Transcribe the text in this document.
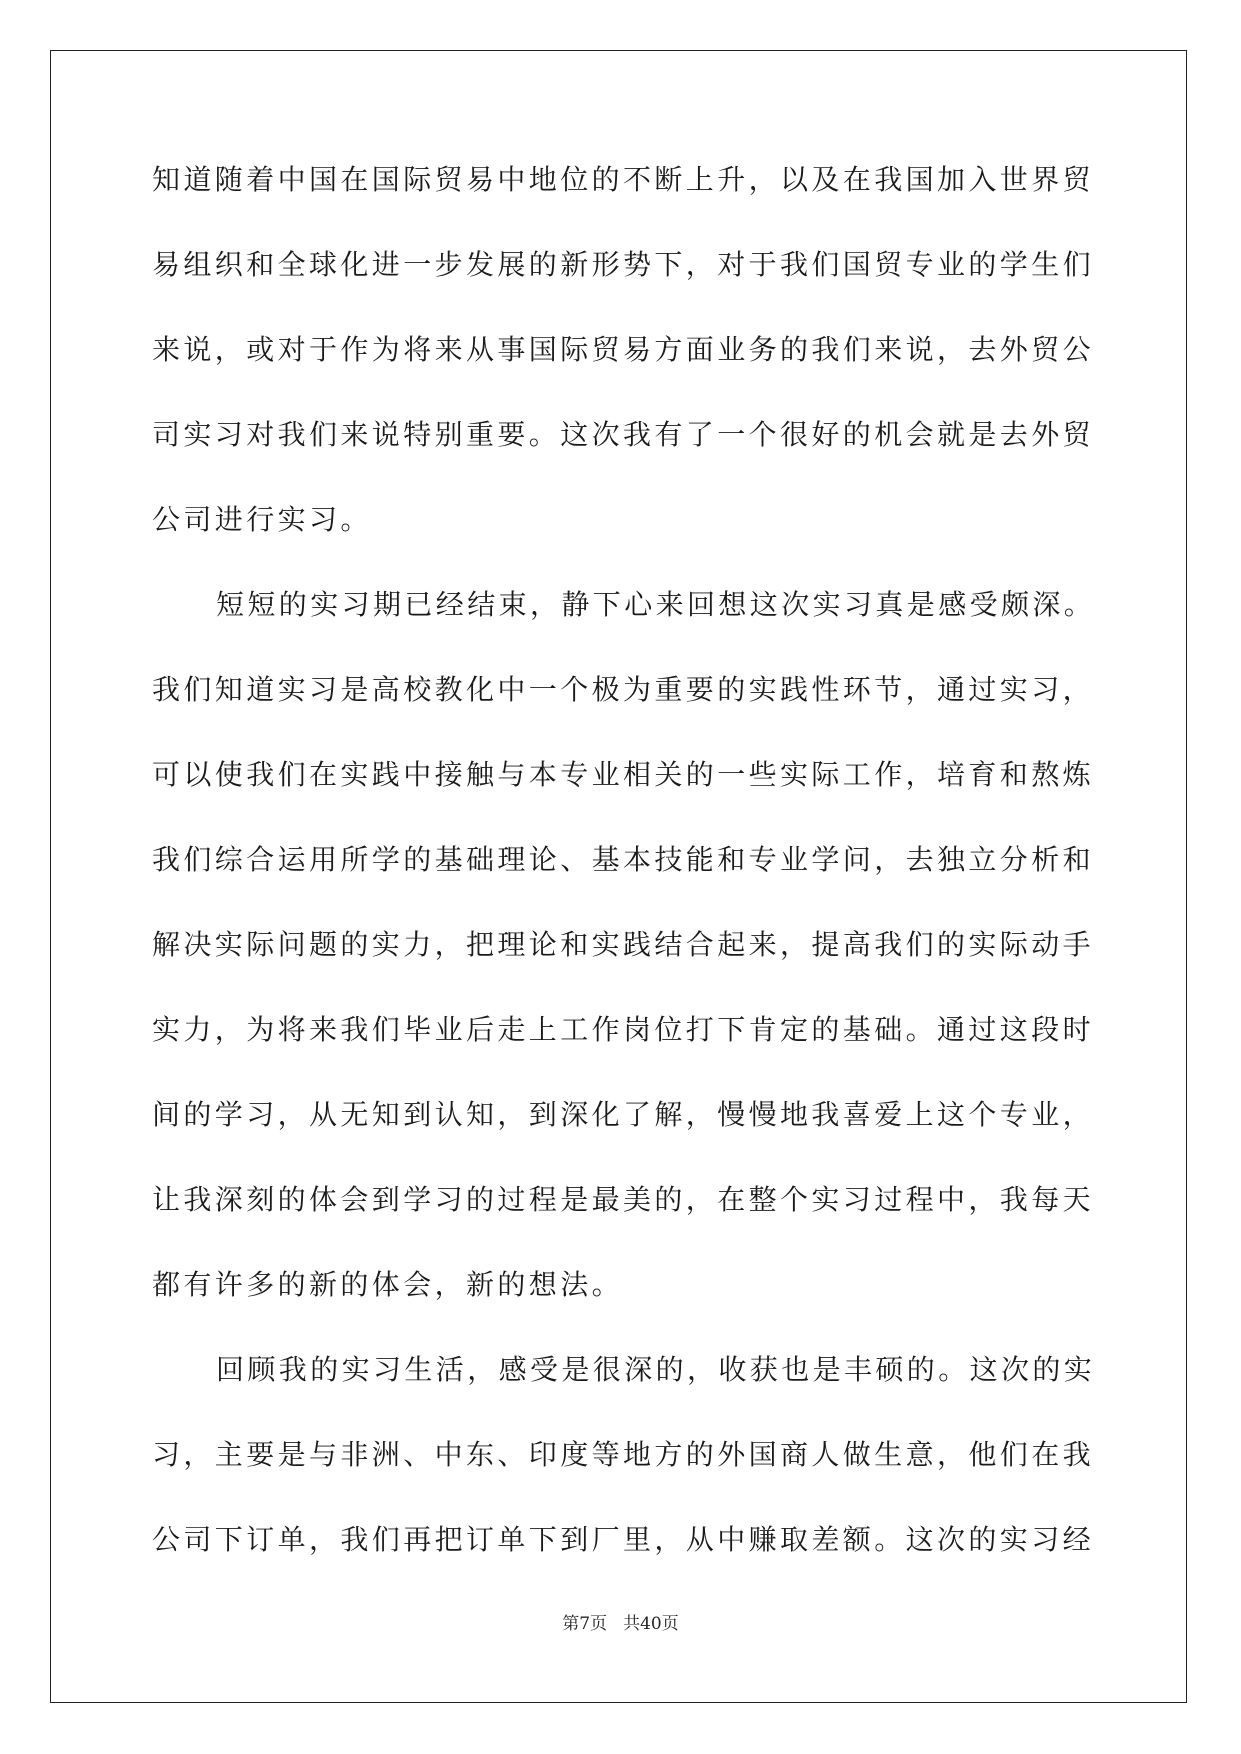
知道随着中国在国际贸易中地位的不断上升，以及在我国加入世界贸
易组织和全球化进一步发展的新形势下，对于我们国贸专业的学生们
来说，或对于作为将来从事国际贸易方面业务的我们来说，去外贸公
司实习对我们来说特别重要。这次我有了一个很好的机会就是去外贸
公司进行实习。
短短的实习期已经结束，静下心来回想这次实习真是感受颇深。
我们知道实习是高校教化中一个极为重要的实践性环节，通过实习，
可以使我们在实践中接触与本专业相关的一些实际工作，培育和熬炼
我们综合运用所学的基础理论、基本技能和专业学问，去独立分析和
解决实际问题的实力，把理论和实践结合起来，提高我们的实际动手
实力，为将来我们毕业后走上工作岗位打下肯定的基础。通过这段时
间的学习，从无知到认知，到深化了解，慢慢地我喜爱上这个专业，
让我深刻的体会到学习的过程是最美的，在整个实习过程中，我每天
都有许多的新的体会，新的想法。
回顾我的实习生活，感受是很深的，收获也是丰硕的。这次的实
习，主要是与非洲、中东、印度等地方的外国商人做生意，他们在我
公司下订单，我们再把订单下到厂里，从中赚取差额。这次的实习经
第7页 共40页
